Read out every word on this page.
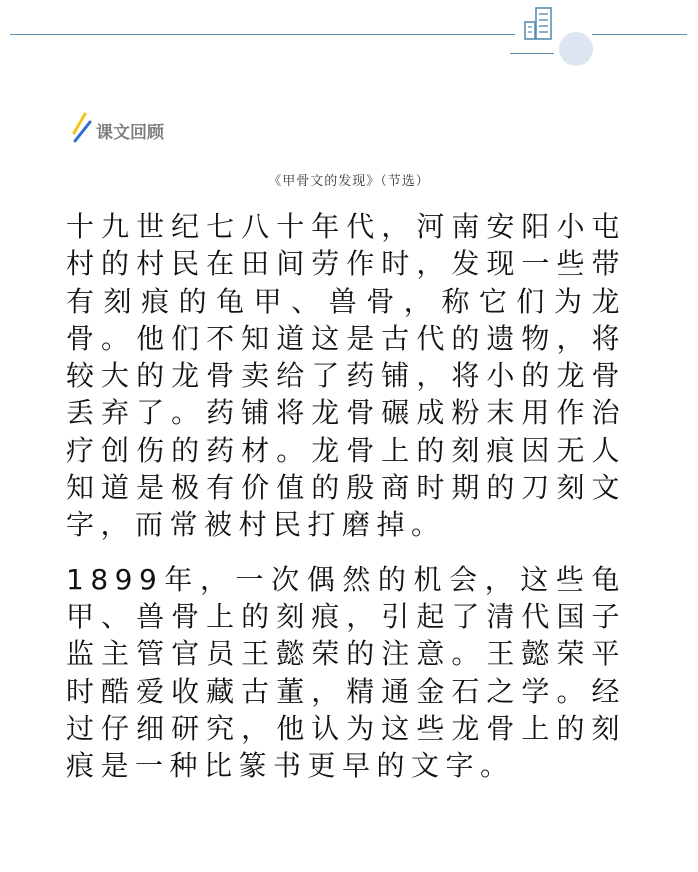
课文回顾
《甲骨文的发现》（节选）

十九世纪七八十年代，河南安阳小屯村的村民在田间劳作时，发现一些带有刻痕的龟甲、兽骨，称它们为龙骨。他们不知道这是古代的遗物，将较大的龙骨卖给了药铺，将小的龙骨丢弃了。药铺将龙骨碾成粉末用作治疗创伤的药材。龙骨上的刻痕因无人知道是极有价值的殷商时期的刀刻文字，而常被村民打磨掉。

1899年，一次偶然的机会，这些龟甲、兽骨上的刻痕，引起了清代国子监主管官员王懿荣的注意。王懿荣平时酷爱收藏古董，精通金石之学。经过仔细研究，他认为这些龙骨上的刻痕是一种比篆书更早的文字。
